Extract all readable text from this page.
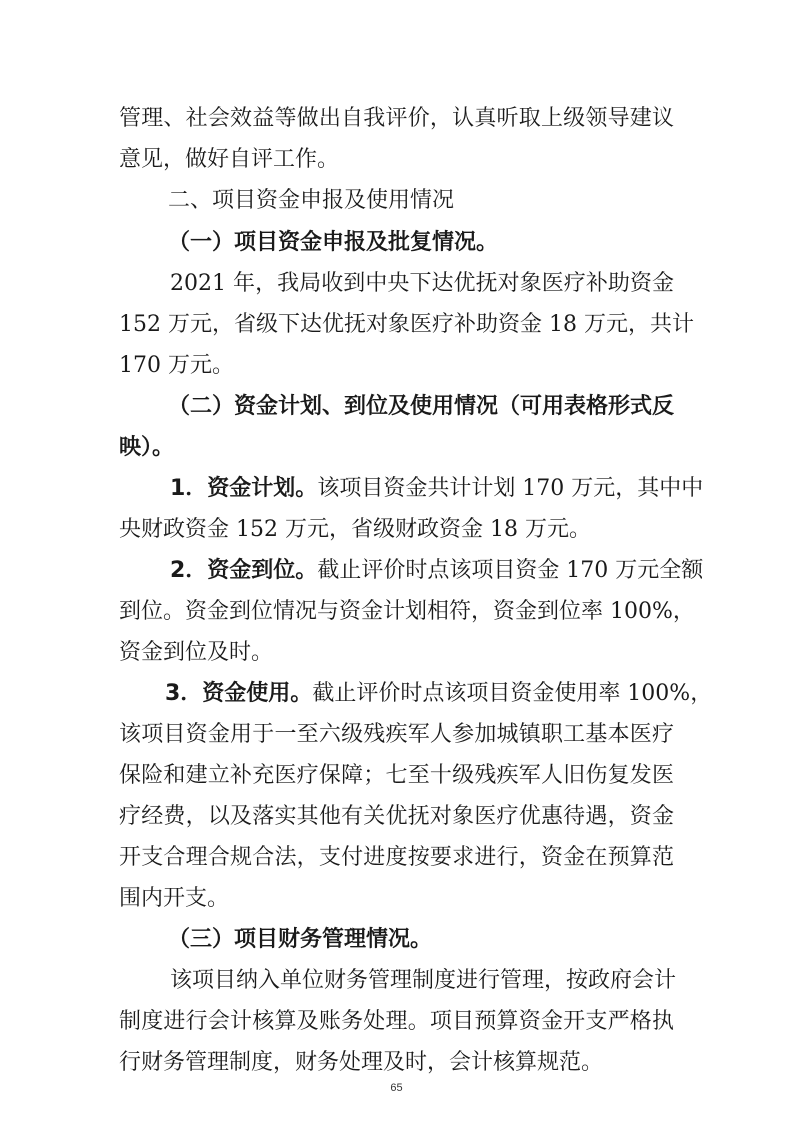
管理、社会效益等做出自我评价，认真听取上级领导建议
意见，做好自评工作。
二、项目资金申报及使用情况
（一）项目资金申报及批复情况。
2021 年，我局收到中央下达优抚对象医疗补助资金
152 万元，省级下达优抚对象医疗补助资金 18 万元，共计
170 万元。
（二）资金计划、到位及使用情况（可用表格形式反
映）。
1．资金计划。该项目资金共计计划 170 万元，其中中
央财政资金 152 万元，省级财政资金 18 万元。
2．资金到位。截止评价时点该项目资金 170 万元全额
到位。资金到位情况与资金计划相符，资金到位率 100%，
资金到位及时。
3．资金使用。截止评价时点该项目资金使用率 100%，
该项目资金用于一至六级残疾军人参加城镇职工基本医疗
保险和建立补充医疗保障；七至十级残疾军人旧伤复发医
疗经费，以及落实其他有关优抚对象医疗优惠待遇，资金
开支合理合规合法，支付进度按要求进行，资金在预算范
围内开支。
（三）项目财务管理情况。
该项目纳入单位财务管理制度进行管理，按政府会计
制度进行会计核算及账务处理。项目预算资金开支严格执
行财务管理制度，财务处理及时，会计核算规范。
65
